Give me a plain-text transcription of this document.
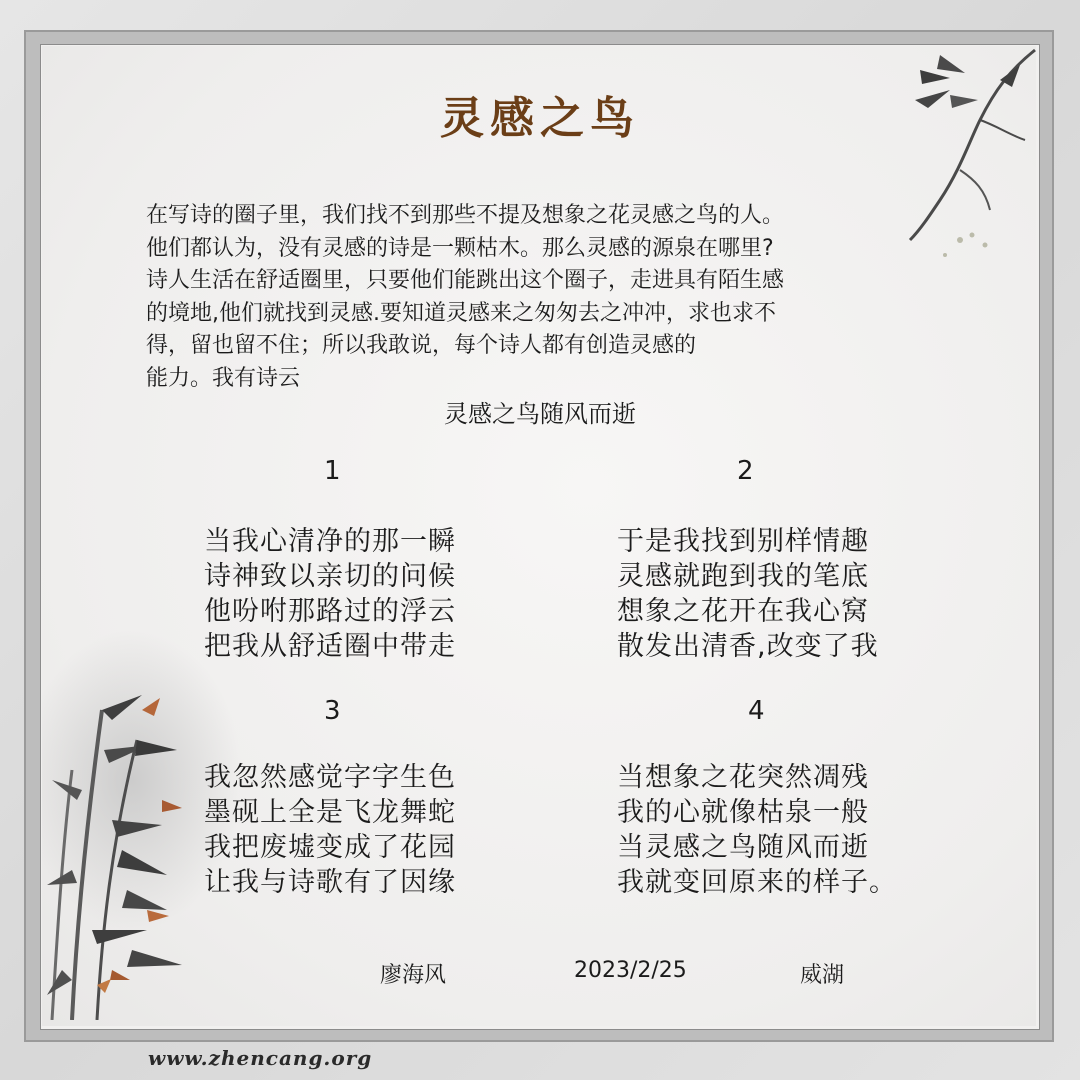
灵感之鸟
在写诗的圈子里，我们找不到那些不提及想象之花灵感之鸟的人。
他们都认为，没有灵感的诗是一颗枯木。那么灵感的源泉在哪里?
诗人生活在舒适圈里，只要他们能跳出这个圈子，走进具有陌生感
的境地,他们就找到灵感.要知道灵感来之匆匆去之冲冲，求也求不
得，留也留不住；所以我敢说，每个诗人都有创造灵感的
能力。我有诗云
灵感之鸟随风而逝
1
当我心清净的那一瞬
诗神致以亲切的问候
他吩咐那路过的浮云
把我从舒适圈中带走
2
于是我找到别样情趣
灵感就跑到我的笔底
想象之花开在我心窝
散发出清香,改变了我
3
我忽然感觉字字生色
墨砚上全是飞龙舞蛇
我把废墟变成了花园
让我与诗歌有了因缘
4
当想象之花突然凋残
我的心就像枯泉一般
当灵感之鸟随风而逝
我就变回原来的样子。
廖海风	2023/2/25	威湖
www.zhencang.org
